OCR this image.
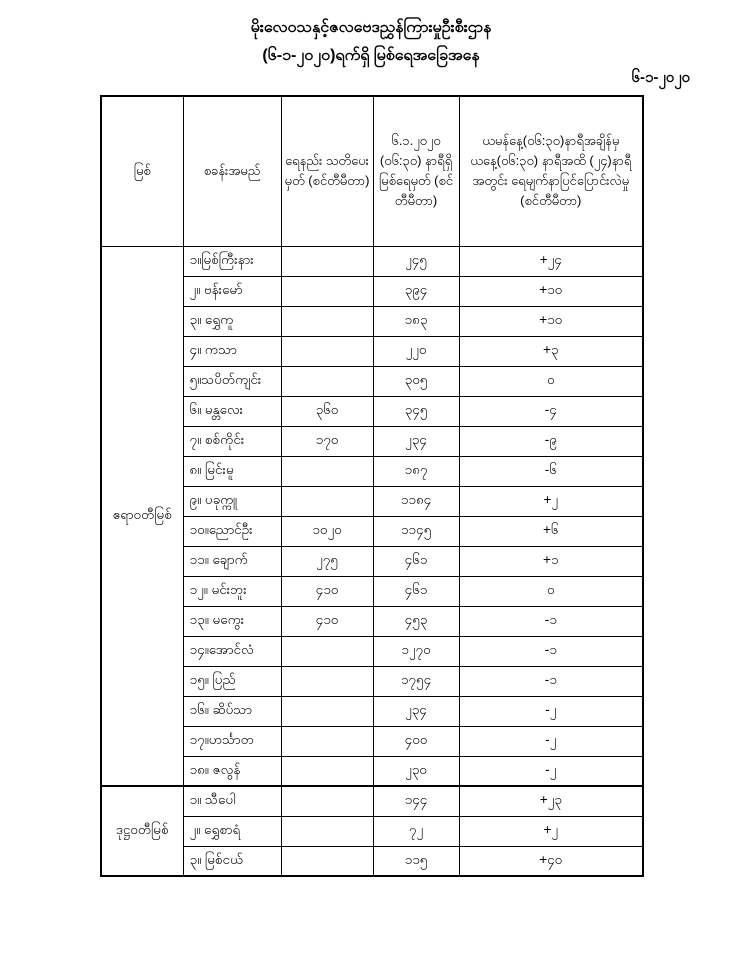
မိုးလေဝသနှင့်ဇလဗေဒညွှန်ကြားမှုဦးစီးဌာန
(၆-၁-၂၀၂၀)ရက်ရှိ မြစ်ရေအခြေအနေ
၆-၁-၂၀၂၀
မြစ်	စခန်းအမည်	ရေနည်း သတိပေးမှတ် (စင်တီမီတာ)	၆.၁.၂၀၂၀ (၀၆:၃၀) နာရီရှိ မြစ်ရေမှတ် (စင်တီမီတာ)	ယမန်နေ့(၀၆:၃၀)နာရီအချိန်မှ ယနေ့(၀၆:၃၀) နာရီအထိ (၂၄)နာရီအတွင်း ရေမျက်နာပြင်ပြောင်းလဲမှု (စင်တီမီတာ)
ဧရာဝတီမြစ်	၁။မြစ်ကြီးနား		၂၄၅	+၂၄
	၂။ ဗန်းမော်		၃၉၄	+၁၀
	၃။ ရွှေကူ		၁၈၃	+၁၀
	၄။ ကသာ		၂၂၀	+၃
	၅။သပိတ်ကျင်း		၃၀၅	၀
	၆။ မန္တလေး	၃၆၀	၃၄၅	-၄
	၇။ စစ်ကိုင်း	၁၇၀	၂၃၄	-၉
	၈။ မြင်းမူ		၁၈၇	-၆
	၉။ ပခုက္ကူ		၁၁၈၄	+၂
	၁၀။ညောင်ဦး	၁၀၂၀	၁၁၄၅	+၆
	၁၁။ ချောက်	၂၇၅	၄၆၁	+၁
	၁၂။ မင်းဘူး	၄၁၀	၄၆၁	၀
	၁၃။ မကွေး	၄၁၀	၄၅၃	-၁
	၁၄။အောင်လံ		၁၂၇၀	-၁
	၁၅။ ပြည်		၁၇၅၄	-၁
	၁၆။ ဆိပ်သာ		၂၃၄	-၂
	၁၇။ဟင်္သာတ		၄၀၀	-၂
	၁၈။ ဇလွန်		၂၃၀	-၂
ဒုဋ္ဌဝတီမြစ်	၁။ သီပေါ		၁၄၄	+၂၃
	၂။ ရွှေစာရံ		၇၂	+၂
	၃။ မြစ်ငယ်		၁၁၅	+၄၀
